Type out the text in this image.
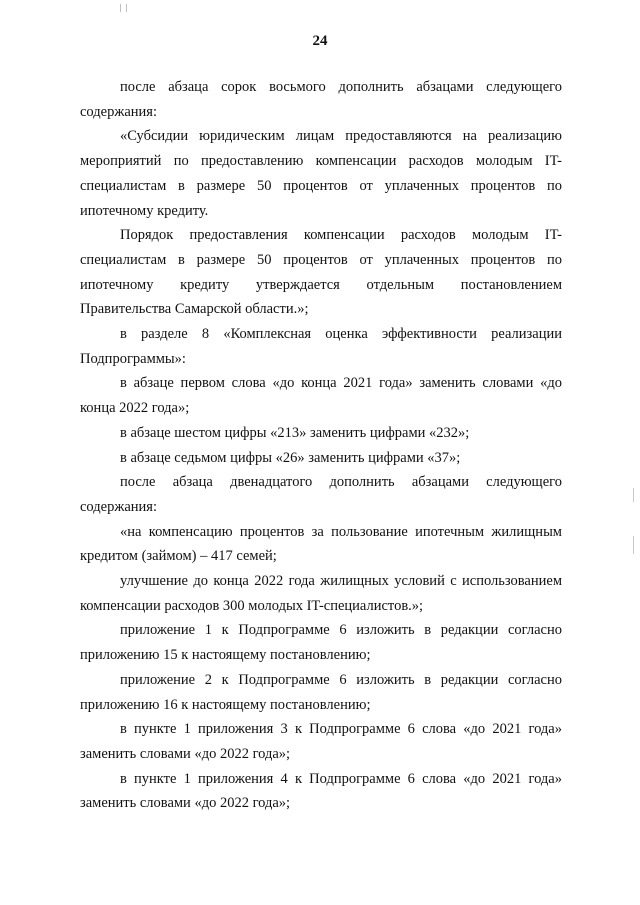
24

после абзаца сорок восьмого дополнить абзацами следующего содержания:

«Субсидии юридическим лицам предоставляются на реализацию мероприятий по предоставлению компенсации расходов молодым IT-специалистам в размере 50 процентов от уплаченных процентов по ипотечному кредиту.

Порядок предоставления компенсации расходов молодым IT-специалистам в размере 50 процентов от уплаченных процентов по ипотечному кредиту утверждается отдельным постановлением Правительства Самарской области.»;

в разделе 8 «Комплексная оценка эффективности реализации Подпрограммы»:

в абзаце первом слова «до конца 2021 года» заменить словами «до конца 2022 года»;

в абзаце шестом цифры «213» заменить цифрами «232»;

в абзаце седьмом цифры «26» заменить цифрами «37»;

после абзаца двенадцатого дополнить абзацами следующего содержания:

«на компенсацию процентов за пользование ипотечным жилищным кредитом (займом) – 417 семей;

улучшение до конца 2022 года жилищных условий с использованием компенсации расходов 300 молодых IT-специалистов.»;

приложение 1 к Подпрограмме 6 изложить в редакции согласно приложению 15 к настоящему постановлению;

приложение 2 к Подпрограмме 6 изложить в редакции согласно приложению 16 к настоящему постановлению;

в пункте 1 приложения 3 к Подпрограмме 6 слова «до 2021 года» заменить словами «до 2022 года»;

в пункте 1 приложения 4 к Подпрограмме 6 слова «до 2021 года» заменить словами «до 2022 года»;
